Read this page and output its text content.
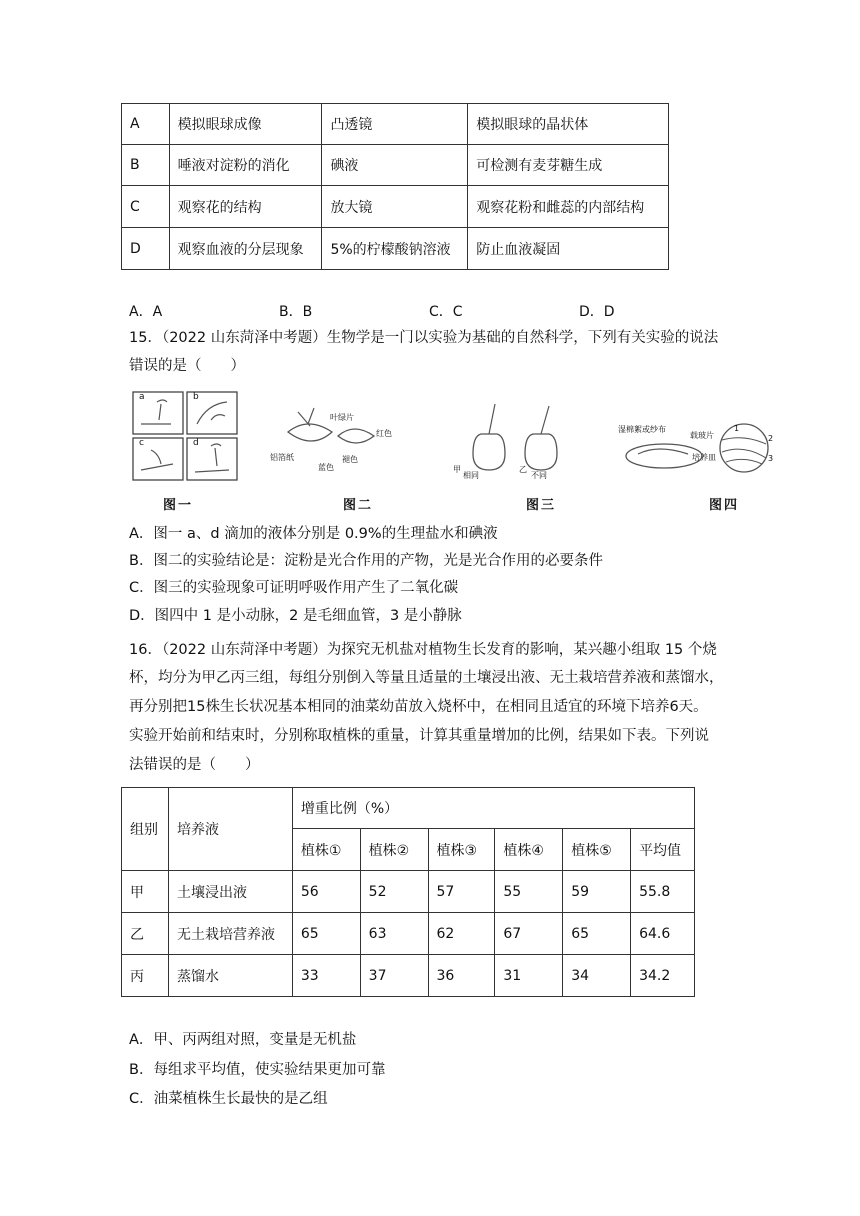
A	模拟眼球成像	凸透镜	模拟眼球的晶状体
B	唾液对淀粉的消化	碘液	可检测有麦芽糖生成
C	观察花的结构	放大镜	观察花粉和雌蕊的内部结构
D	观察血液的分层现象	5%的柠檬酸钠溶液	防止血液凝固
A．A	B．B	C．C	D．D
15．（2022 山东菏泽中考题）生物学是一门以实验为基础的自然科学，下列有关实验的说法
错误的是（　　）
a	b
c	d
铝箔纸
叶绿片
褪色
红色
蓝色	甲	乙
相同	不同
湿棉絮或纱布
载玻片
培养皿
1
2
3
图一	图二	图三	图四
A．图一 a、d 滴加的液体分别是 0.9%的生理盐水和碘液
B．图二的实验结论是：淀粉是光合作用的产物，光是光合作用的必要条件
C．图三的实验现象可证明呼吸作用产生了二氧化碳
D．图四中 1 是小动脉，2 是毛细血管，3 是小静脉
16．（2022 山东菏泽中考题）为探究无机盐对植物生长发育的影响，某兴趣小组取 15 个烧
杯，均分为甲乙丙三组，每组分别倒入等量且适量的土壤浸出液、无土栽培营养液和蒸馏水，
再分别把15株生长状况基本相同的油菜幼苗放入烧杯中，在相同且适宜的环境下培养6天。
实验开始前和结束时，分别称取植株的重量，计算其重量增加的比例，结果如下表。下列说
法错误的是（　　）
组别	培养液	增重比例（%）					
		植株①	植株②	植株③	植株④	植株⑤	平均值
甲	土壤浸出液	56	52	57	55	59	55.8
乙	无土栽培营养液	65	63	62	67	65	64.6
丙	蒸馏水	33	37	36	31	34	34.2
A．甲、丙两组对照，变量是无机盐
B．每组求平均值，使实验结果更加可靠
C．油菜植株生长最快的是乙组
